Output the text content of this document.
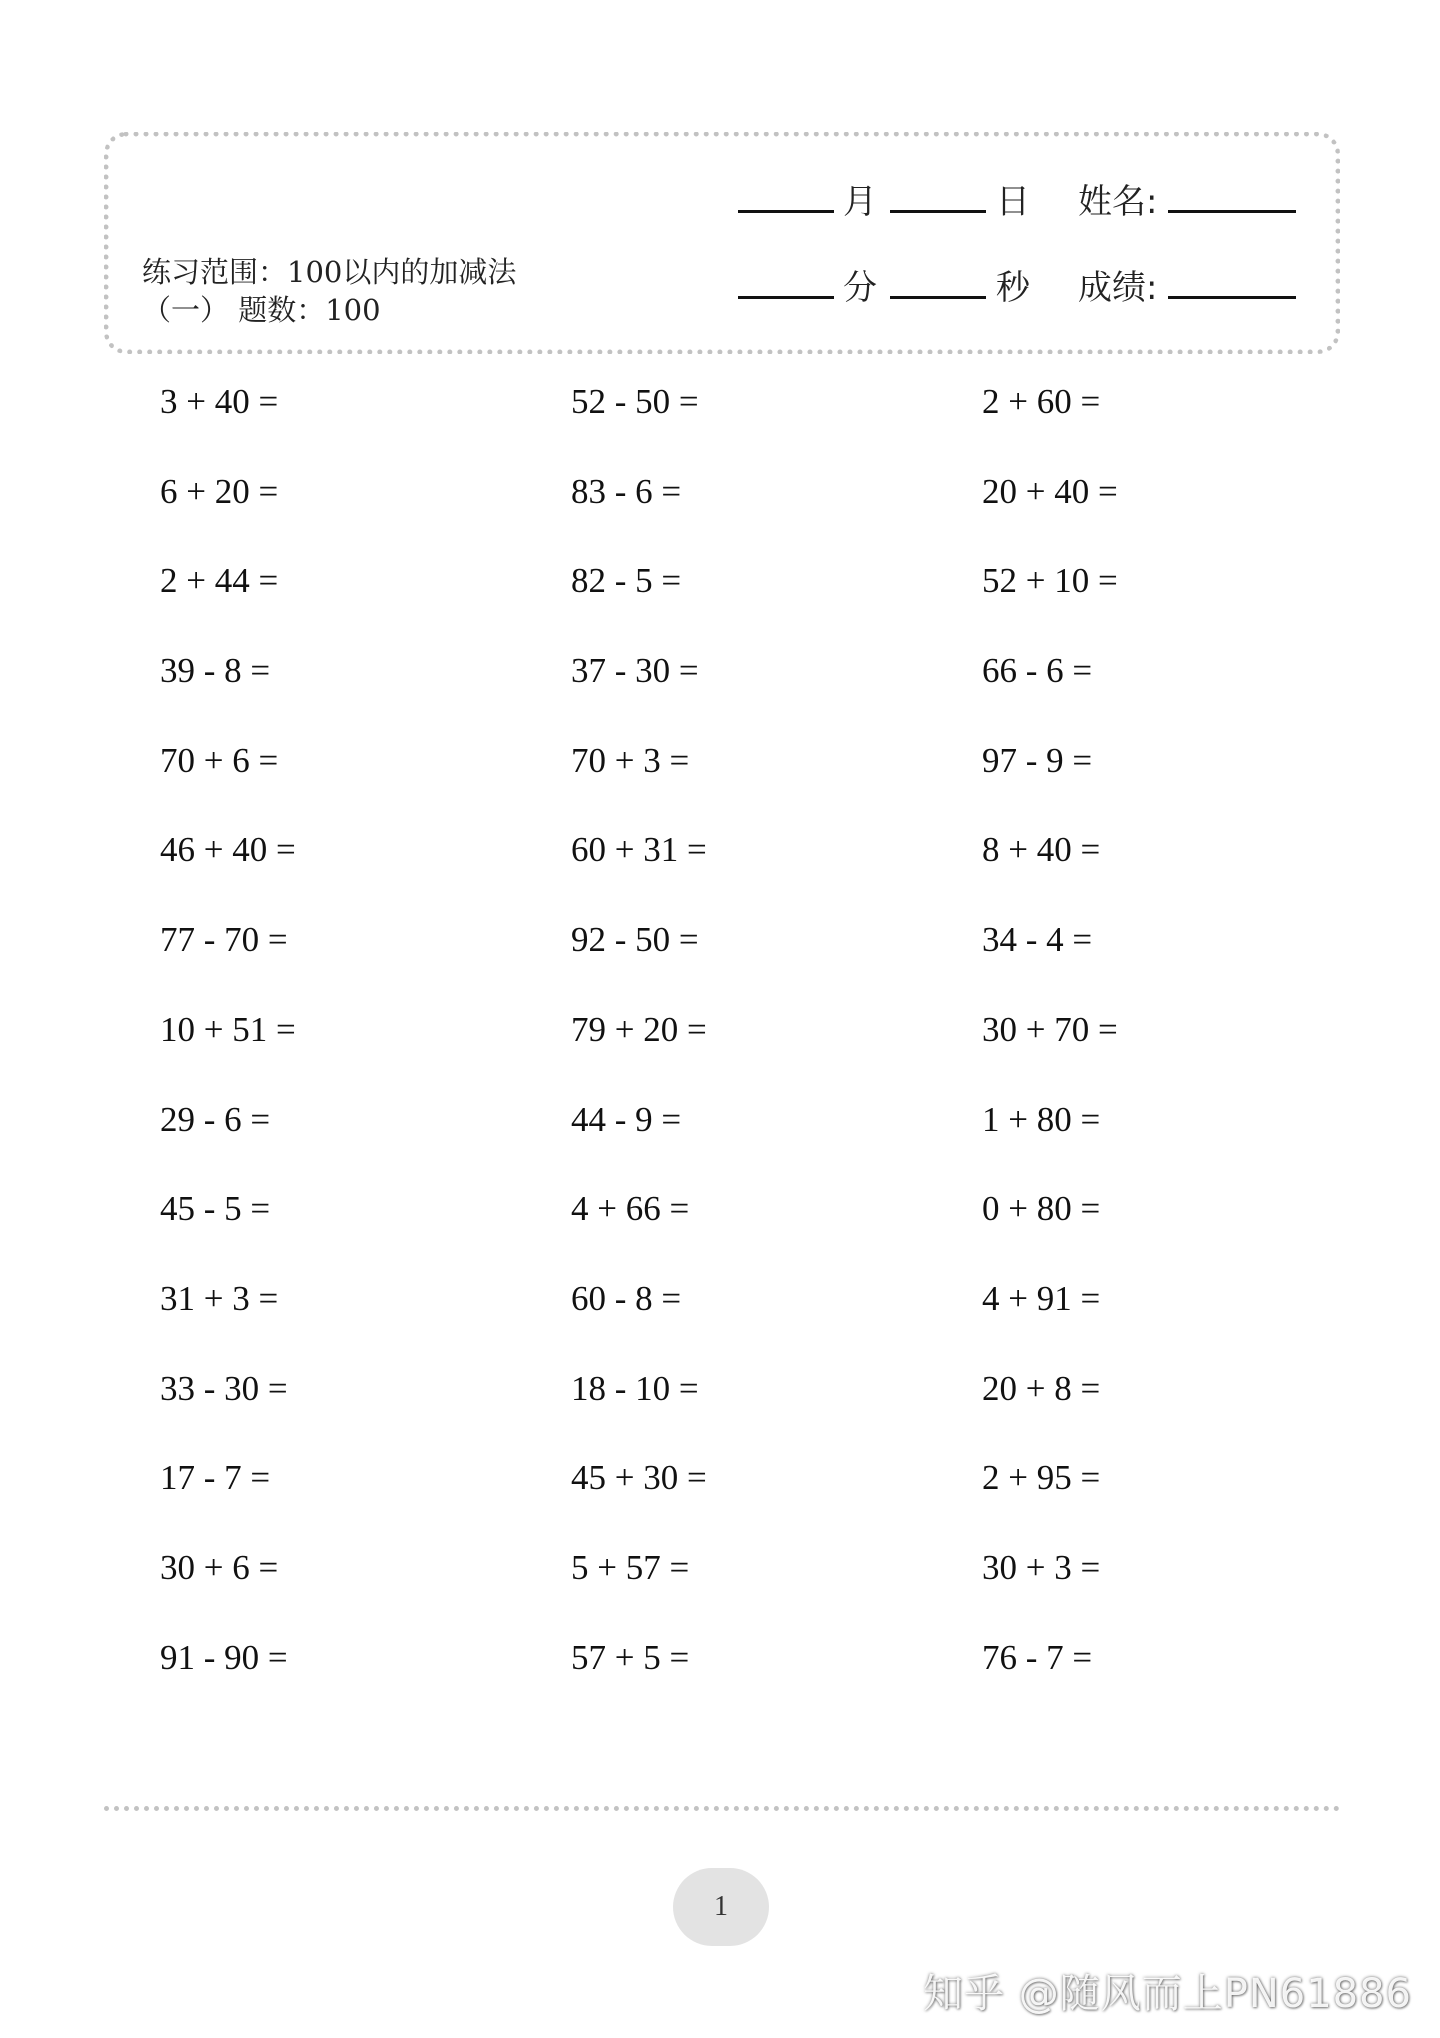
练习范围：100以内的加减法
（一） 题数：100
月	日 姓名:
分	秒 成绩:
3 + 40 =	52 - 50 =	2 + 60 =
6 + 20 =	83 - 6 =	20 + 40 =
2 + 44 =	82 - 5 =	52 + 10 =
39 - 8 =	37 - 30 =	66 - 6 =
70 + 6 =	70 + 3 =	97 - 9 =
46 + 40 =	60 + 31 =	8 + 40 =
77 - 70 =	92 - 50 =	34 - 4 =
10 + 51 =	79 + 20 =	30 + 70 =
29 - 6 =	44 - 9 =	1 + 80 =
45 - 5 =	4 + 66 =	0 + 80 =
31 + 3 =	60 - 8 =	4 + 91 =
33 - 30 =	18 - 10 =	20 + 8 =
17 - 7 =	45 + 30 =	2 + 95 =
30 + 6 =	5 + 57 =	30 + 3 =
91 - 90 =	57 + 5 =	76 - 7 =
1
知乎 @随风而上PN61886
